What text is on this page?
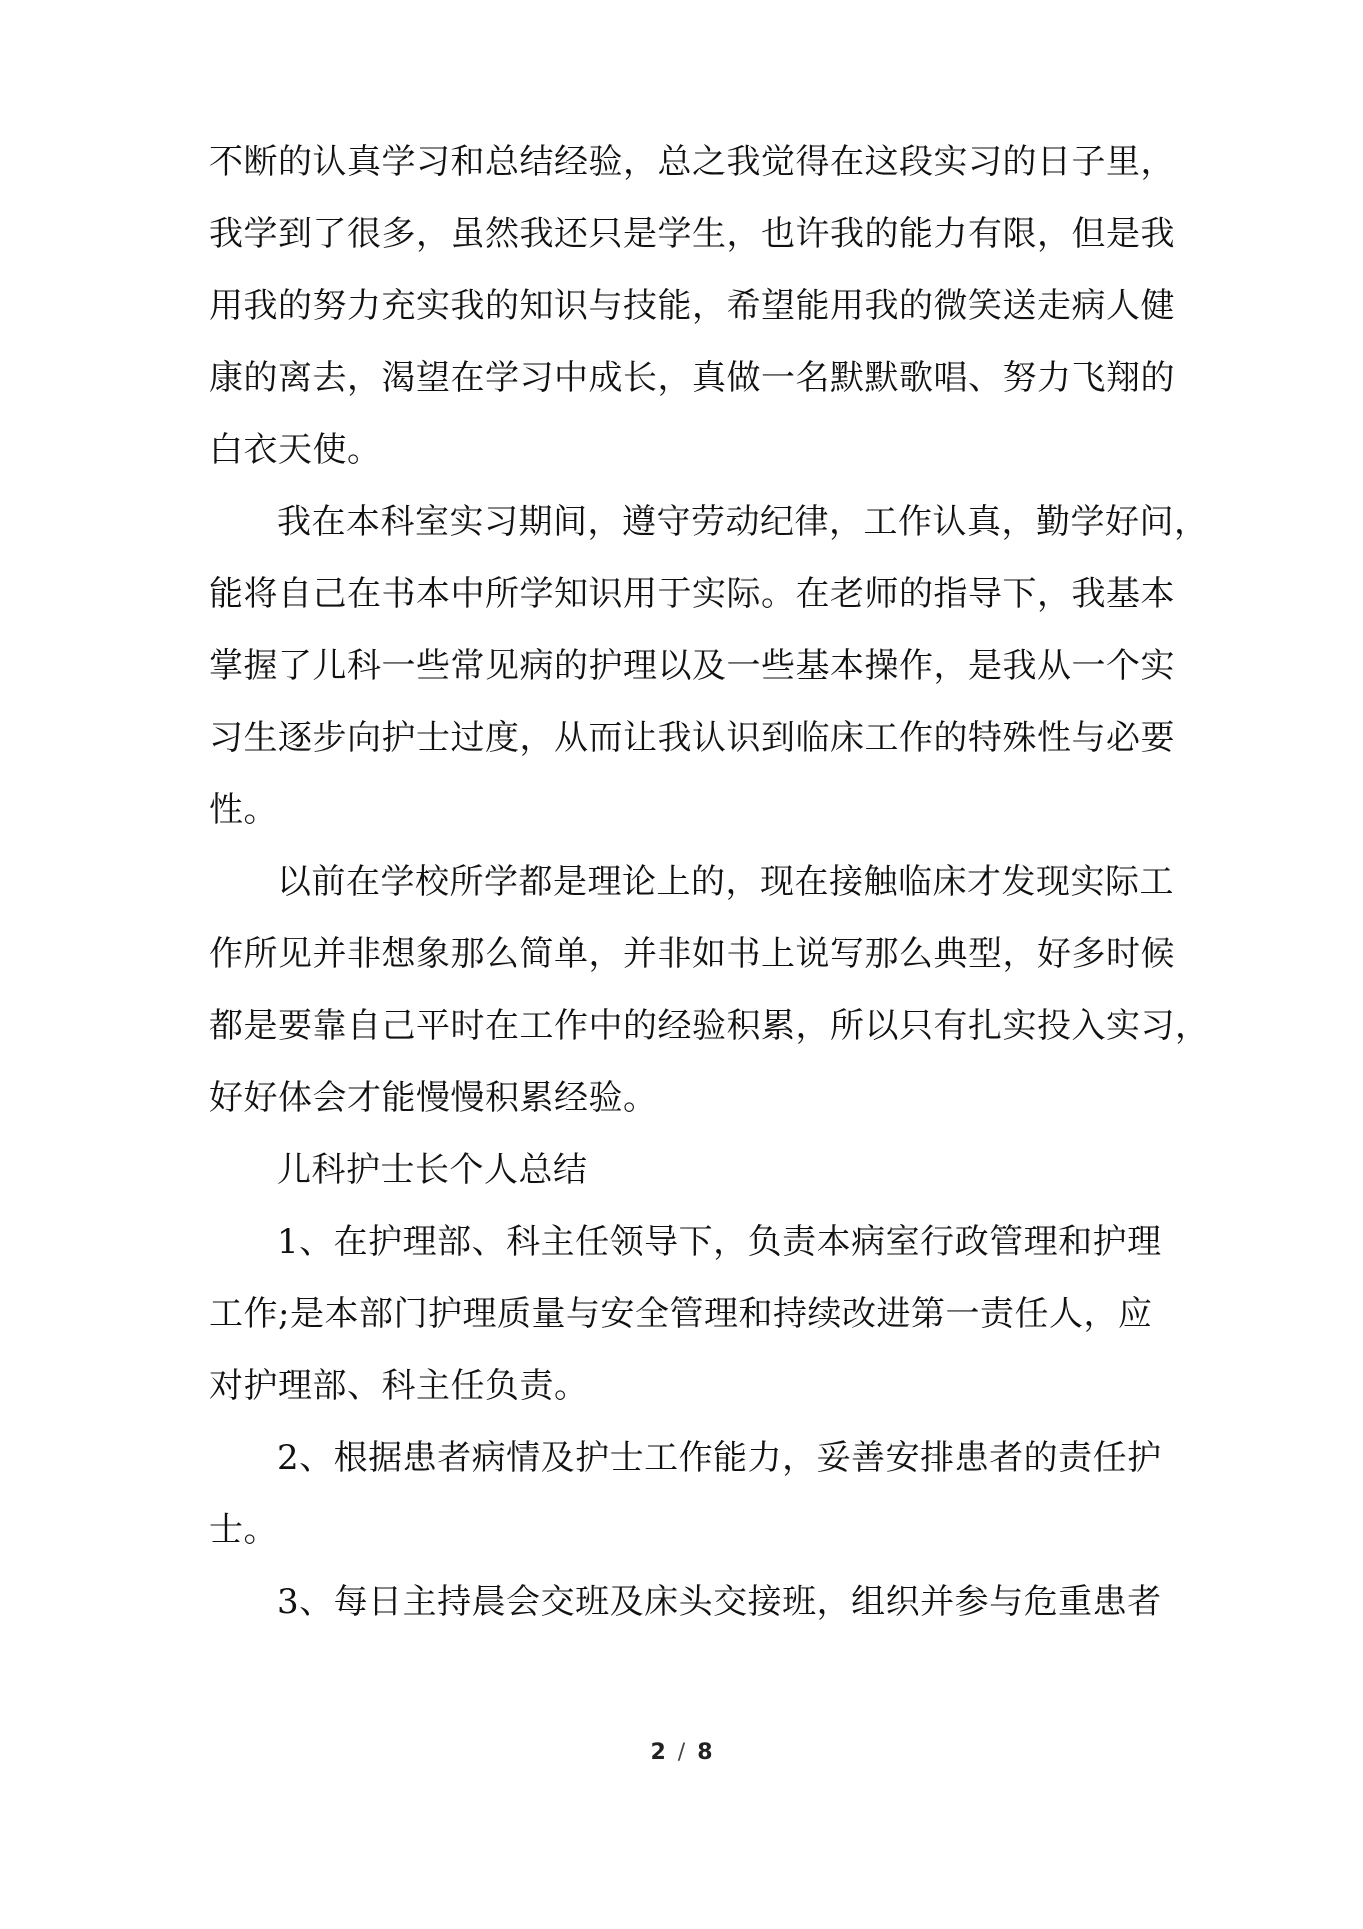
不断的认真学习和总结经验，总之我觉得在这段实习的日子里，
我学到了很多，虽然我还只是学生，也许我的能力有限，但是我
用我的努力充实我的知识与技能，希望能用我的微笑送走病人健
康的离去，渴望在学习中成长，真做一名默默歌唱、努力飞翔的
白衣天使。
我在本科室实习期间，遵守劳动纪律，工作认真，勤学好问，
能将自己在书本中所学知识用于实际。在老师的指导下，我基本
掌握了儿科一些常见病的护理以及一些基本操作，是我从一个实
习生逐步向护士过度，从而让我认识到临床工作的特殊性与必要
性。
以前在学校所学都是理论上的，现在接触临床才发现实际工
作所见并非想象那么简单，并非如书上说写那么典型，好多时候
都是要靠自己平时在工作中的经验积累，所以只有扎实投入实习，
好好体会才能慢慢积累经验。
儿科护士长个人总结
1、在护理部、科主任领导下，负责本病室行政管理和护理
工作;是本部门护理质量与安全管理和持续改进第一责任人，应
对护理部、科主任负责。
2、根据患者病情及护士工作能力，妥善安排患者的责任护
士。
3、每日主持晨会交班及床头交接班，组织并参与危重患者
2 / 8
